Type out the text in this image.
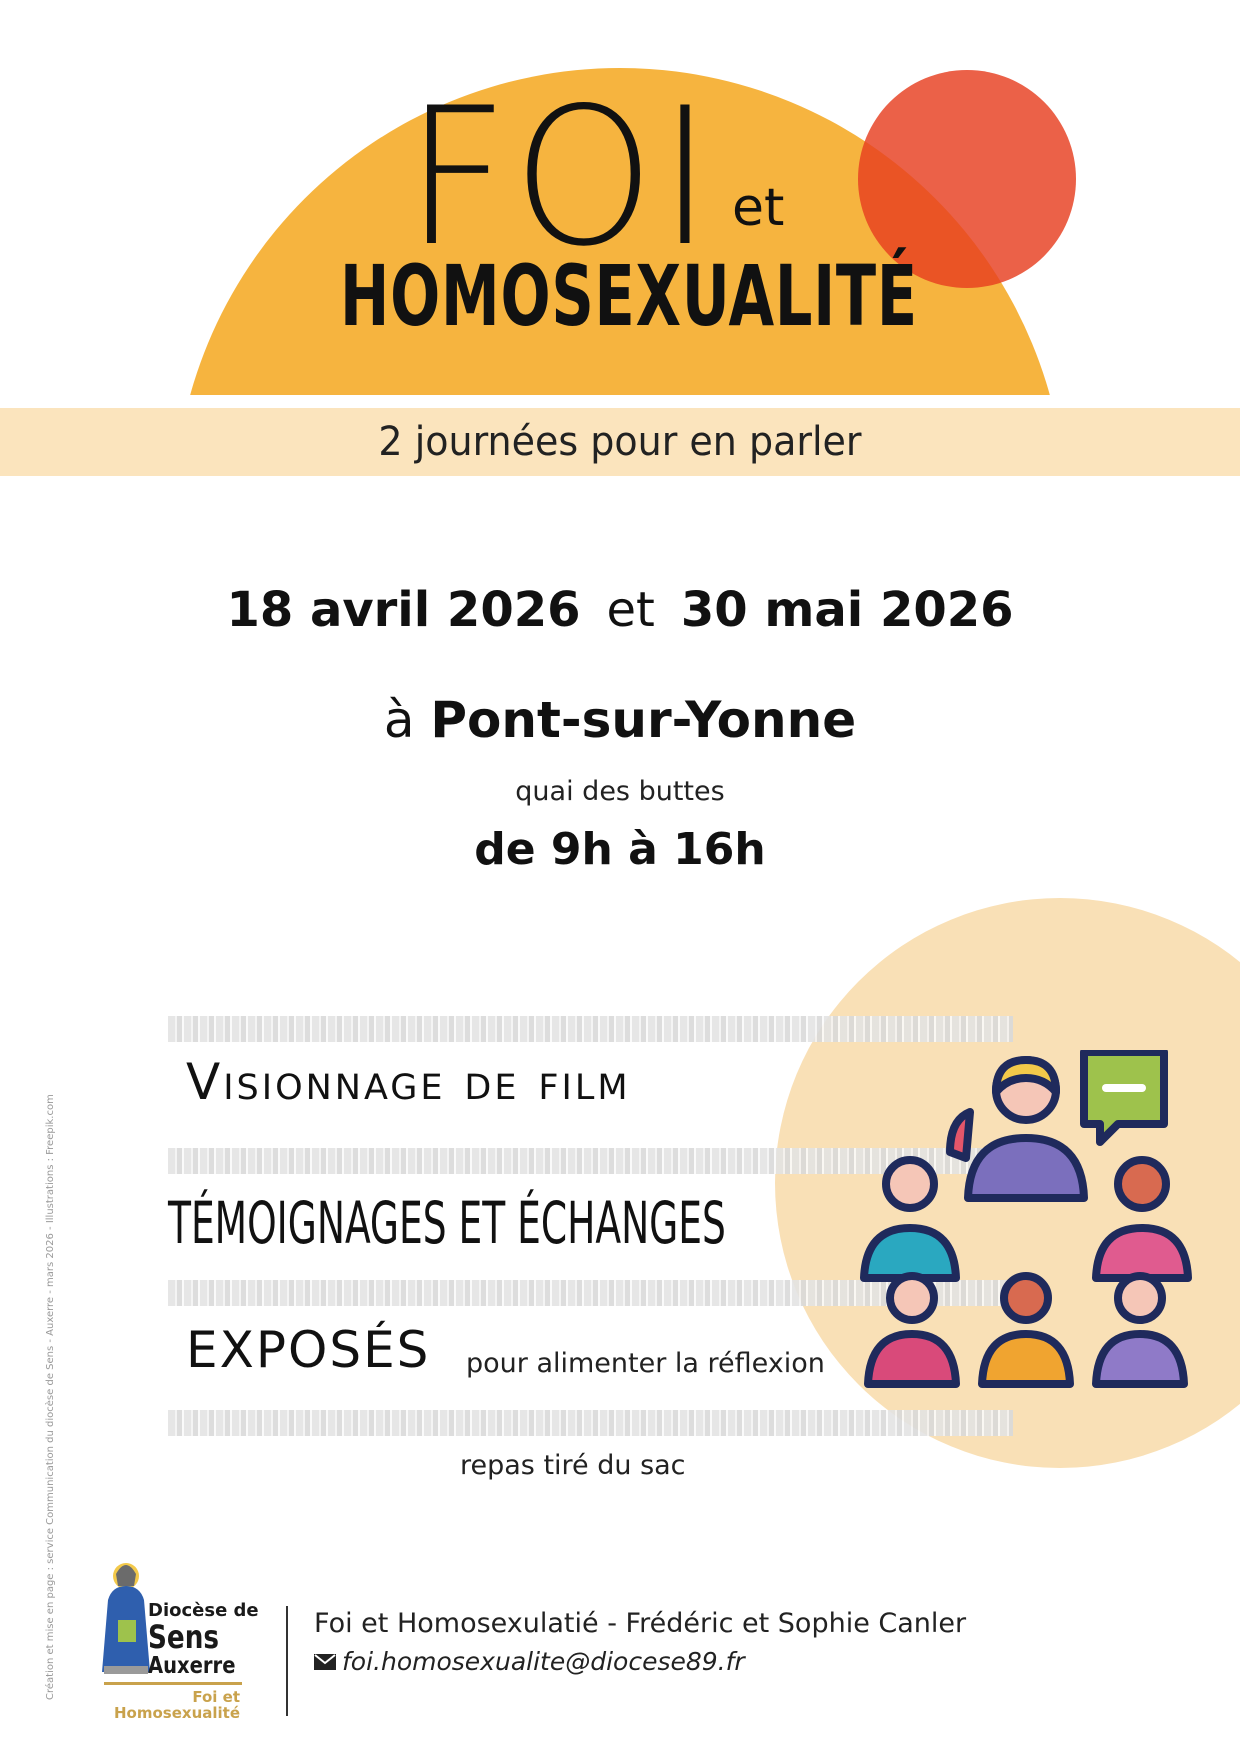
FOI et
HOMOSEXUALITÉ
2 journées pour en parler
18 avril 2026 et 30 mai 2026
à Pont-sur-Yonne
quai des buttes
de 9h à 16h
Visionnage de film
TÉMOIGNAGES ET ÉCHANGES
EXPOSÉS pour alimenter la réflexion
repas tiré du sac
Création et mise en page : service Communication du diocèse de Sens - Auxerre - mars 2026 - Illustrations : Freepik.com	Diocèse de
Sens
Auxerre
Foi et
Homosexualité
Foi et Homosexulatié - Frédéric et Sophie Canler
foi.homosexualite@diocese89.fr
